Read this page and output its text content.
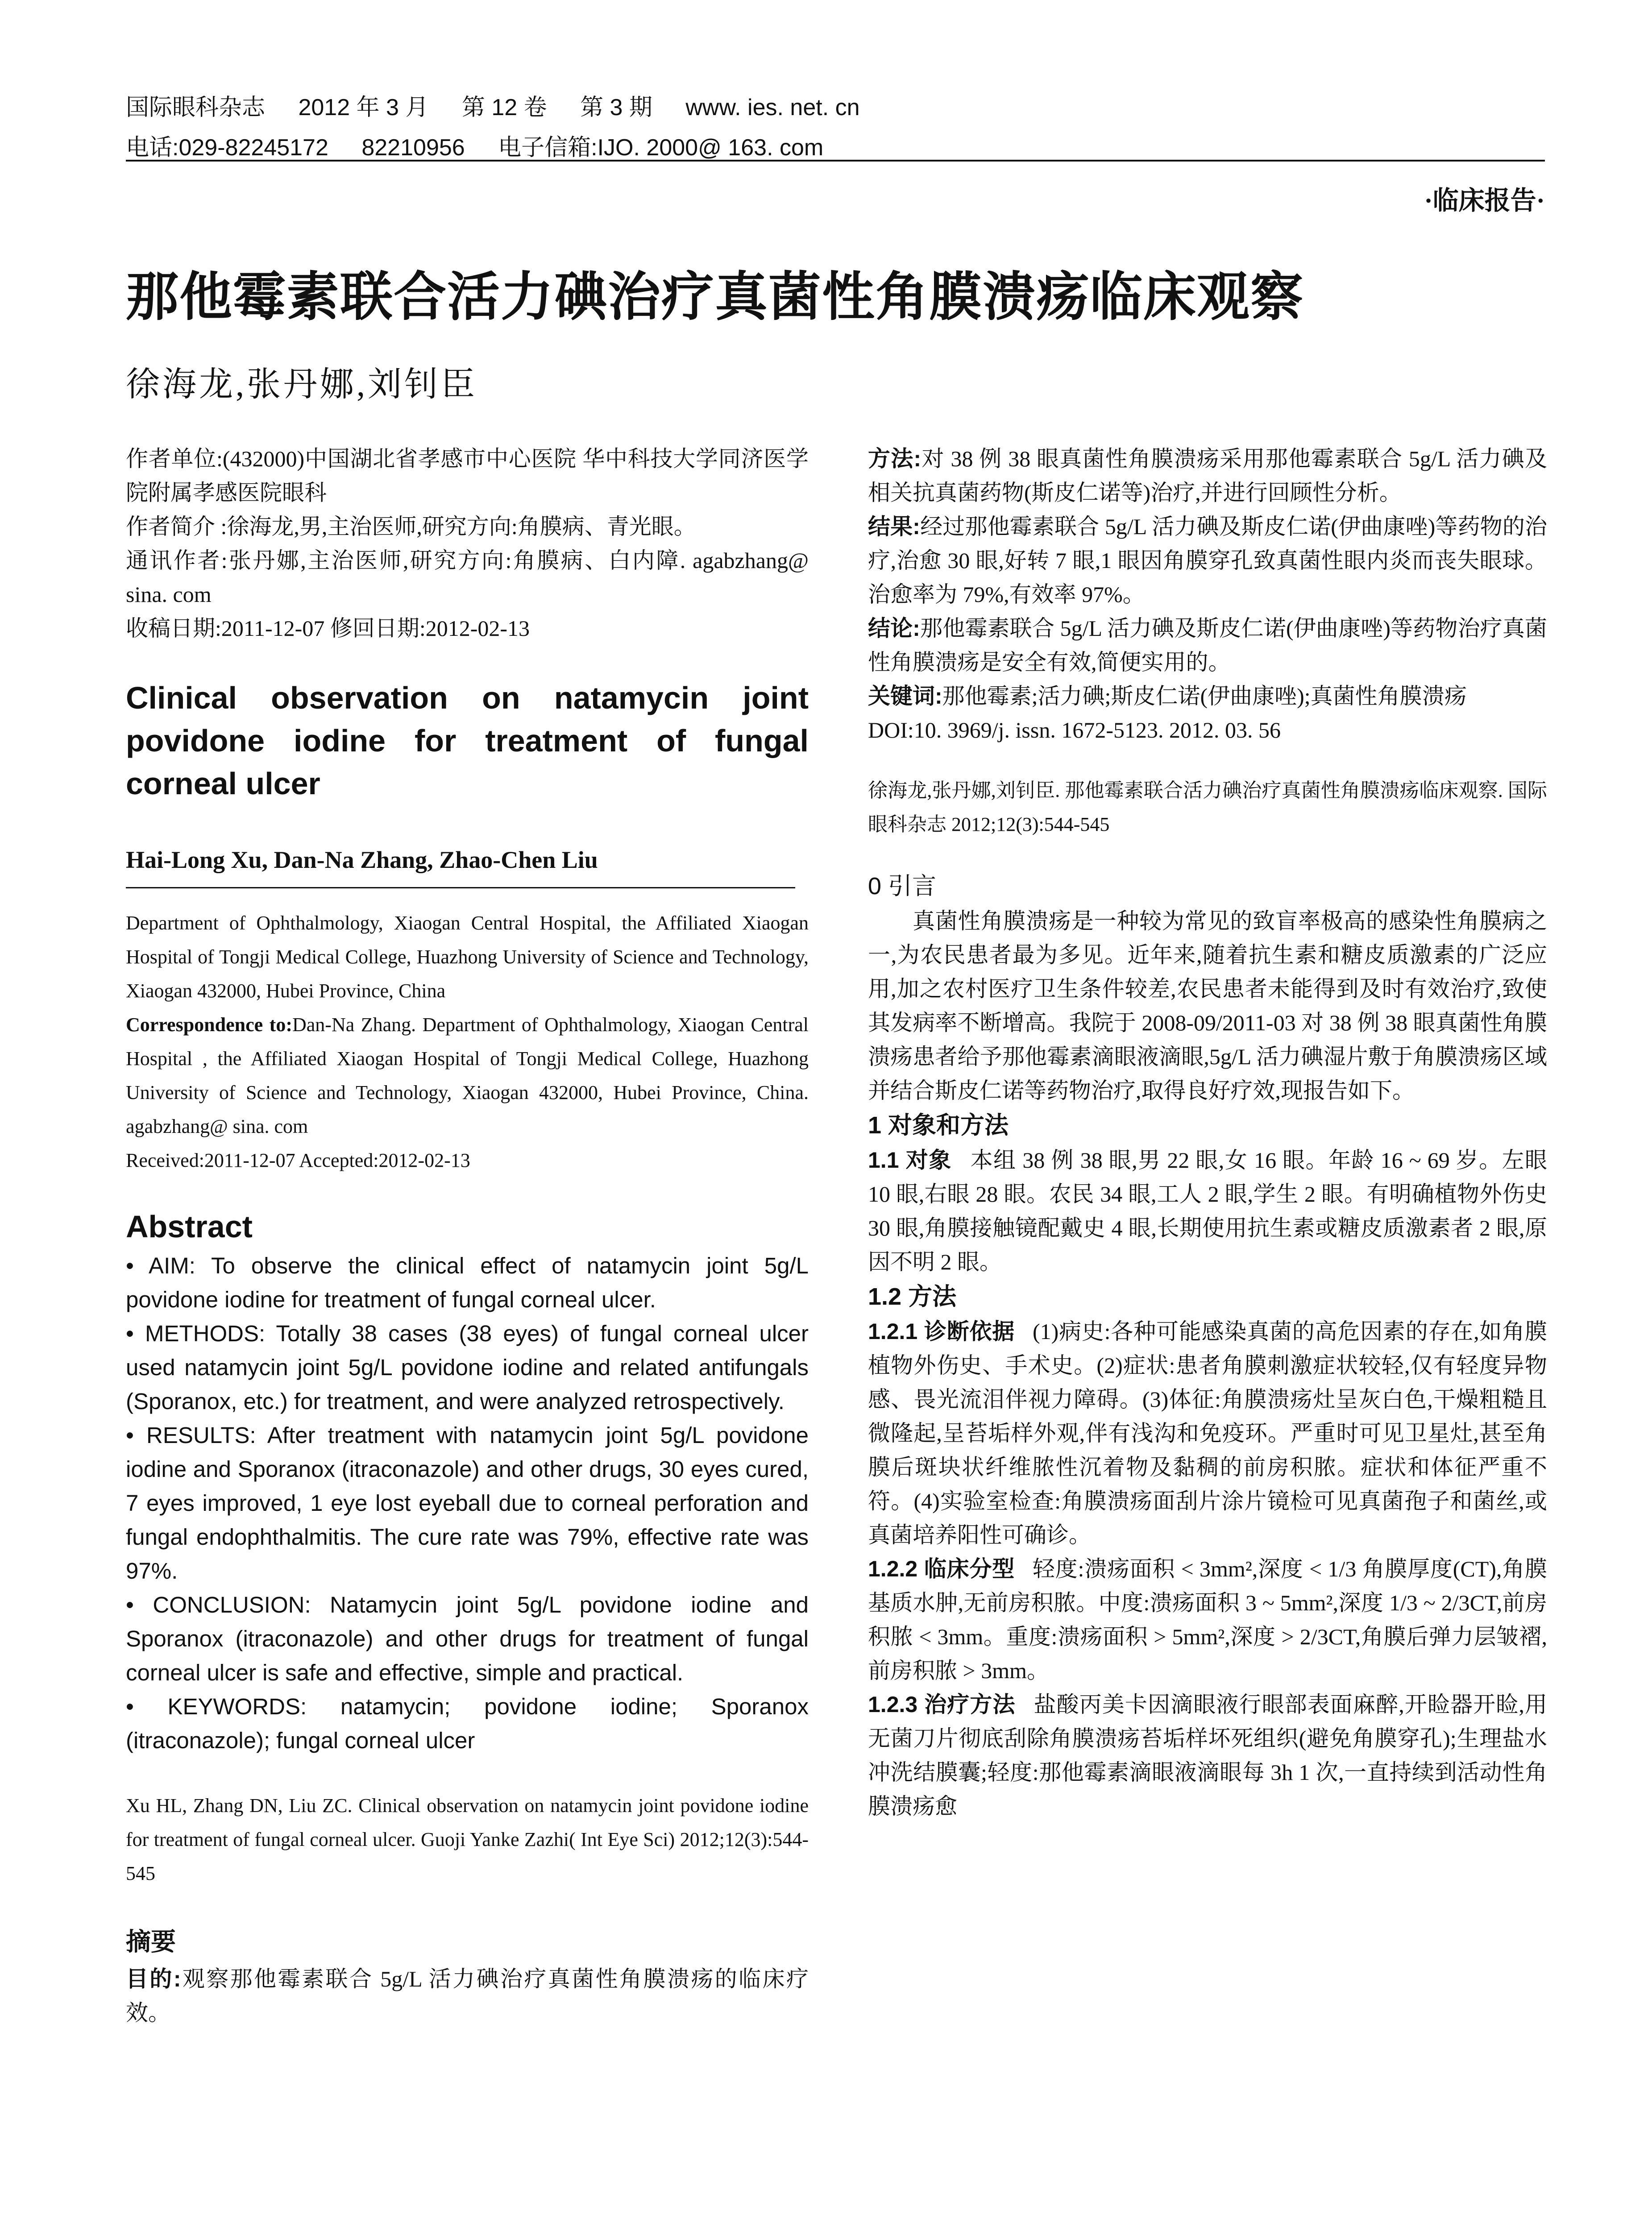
国际眼科杂志 2012 年 3 月 第 12 卷 第 3 期 www. ies. net. cn
电话:029-82245172 82210956 电子信箱:IJO. 2000@ 163. com
·临床报告·
那他霉素联合活力碘治疗真菌性角膜溃疡临床观察
徐海龙,张丹娜,刘钊臣

作者单位:(432000)中国湖北省孝感市中心医院 华中科技大学同济医学院附属孝感医院眼科

作者简介 :徐海龙,男,主治医师,研究方向:角膜病、青光眼。

通讯作者:张丹娜,主治医师,研究方向:角膜病、白内障. agabzhang@ sina. com

收稿日期:2011-12-07 修回日期:2012-02-13

Clinical observation on natamycin joint povidone iodine for treatment of fungal corneal ulcer
Hai-Long Xu, Dan-Na Zhang, Zhao-Chen Liu

Department of Ophthalmology, Xiaogan Central Hospital, the Affiliated Xiaogan Hospital of Tongji Medical College, Huazhong University of Science and Technology, Xiaogan 432000, Hubei Province, China

Correspondence to:Dan-Na Zhang. Department of Ophthalmology, Xiaogan Central Hospital , the Affiliated Xiaogan Hospital of Tongji Medical College, Huazhong University of Science and Technology, Xiaogan 432000, Hubei Province, China. agabzhang@ sina. com

Received:2011-12-07 Accepted:2012-02-13

Abstract

• AIM: To observe the clinical effect of natamycin joint 5g/L povidone iodine for treatment of fungal corneal ulcer.

• METHODS: Totally 38 cases (38 eyes) of fungal corneal ulcer used natamycin joint 5g/L povidone iodine and related antifungals (Sporanox, etc.) for treatment, and were analyzed retrospectively.

• RESULTS: After treatment with natamycin joint 5g/L povidone iodine and Sporanox (itraconazole) and other drugs, 30 eyes cured, 7 eyes improved, 1 eye lost eyeball due to corneal perforation and fungal endophthalmitis. The cure rate was 79%, effective rate was 97%.

• CONCLUSION: Natamycin joint 5g/L povidone iodine and Sporanox (itraconazole) and other drugs for treatment of fungal corneal ulcer is safe and effective, simple and practical.

• KEYWORDS: natamycin; povidone iodine; Sporanox (itraconazole); fungal corneal ulcer

Xu HL, Zhang DN, Liu ZC. Clinical observation on natamycin joint povidone iodine for treatment of fungal corneal ulcer. Guoji Yanke Zazhi( Int Eye Sci) 2012;12(3):544-545

摘要

目的:观察那他霉素联合 5g/L 活力碘治疗真菌性角膜溃疡的临床疗效。

方法:对 38 例 38 眼真菌性角膜溃疡采用那他霉素联合 5g/L 活力碘及相关抗真菌药物(斯皮仁诺等)治疗,并进行回顾性分析。

结果:经过那他霉素联合 5g/L 活力碘及斯皮仁诺(伊曲康唑)等药物的治疗,治愈 30 眼,好转 7 眼,1 眼因角膜穿孔致真菌性眼内炎而丧失眼球。治愈率为 79%,有效率 97%。

结论:那他霉素联合 5g/L 活力碘及斯皮仁诺(伊曲康唑)等药物治疗真菌性角膜溃疡是安全有效,简便实用的。

关键词:那他霉素;活力碘;斯皮仁诺(伊曲康唑);真菌性角膜溃疡

DOI:10. 3969/j. issn. 1672-5123. 2012. 03. 56

徐海龙,张丹娜,刘钊臣. 那他霉素联合活力碘治疗真菌性角膜溃疡临床观察. 国际眼科杂志 2012;12(3):544-545

0 引言

真菌性角膜溃疡是一种较为常见的致盲率极高的感染性角膜病之一,为农民患者最为多见。近年来,随着抗生素和糖皮质激素的广泛应用,加之农村医疗卫生条件较差,农民患者未能得到及时有效治疗,致使其发病率不断增高。我院于 2008-09/2011-03 对 38 例 38 眼真菌性角膜溃疡患者给予那他霉素滴眼液滴眼,5g/L 活力碘湿片敷于角膜溃疡区域并结合斯皮仁诺等药物治疗,取得良好疗效,现报告如下。

1 对象和方法

1.1 对象 本组 38 例 38 眼,男 22 眼,女 16 眼。年龄 16 ~ 69 岁。左眼 10 眼,右眼 28 眼。农民 34 眼,工人 2 眼,学生 2 眼。有明确植物外伤史 30 眼,角膜接触镜配戴史 4 眼,长期使用抗生素或糖皮质激素者 2 眼,原因不明 2 眼。

1.2 方法

1.2.1 诊断依据 (1)病史:各种可能感染真菌的高危因素的存在,如角膜植物外伤史、手术史。(2)症状:患者角膜刺激症状较轻,仅有轻度异物感、畏光流泪伴视力障碍。(3)体征:角膜溃疡灶呈灰白色,干燥粗糙且微隆起,呈苔垢样外观,伴有浅沟和免疫环。严重时可见卫星灶,甚至角膜后斑块状纤维脓性沉着物及黏稠的前房积脓。症状和体征严重不符。(4)实验室检查:角膜溃疡面刮片涂片镜检可见真菌孢子和菌丝,或真菌培养阳性可确诊。

1.2.2 临床分型 轻度:溃疡面积 < 3mm²,深度 < 1/3 角膜厚度(CT),角膜基质水肿,无前房积脓。中度:溃疡面积 3 ~ 5mm²,深度 1/3 ~ 2/3CT,前房积脓 < 3mm。重度:溃疡面积 > 5mm²,深度 > 2/3CT,角膜后弹力层皱褶,前房积脓 > 3mm。

1.2.3 治疗方法 盐酸丙美卡因滴眼液行眼部表面麻醉,开睑器开睑,用无菌刀片彻底刮除角膜溃疡苔垢样坏死组织(避免角膜穿孔);生理盐水冲洗结膜囊;轻度:那他霉素滴眼液滴眼每 3h 1 次,一直持续到活动性角膜溃疡愈
